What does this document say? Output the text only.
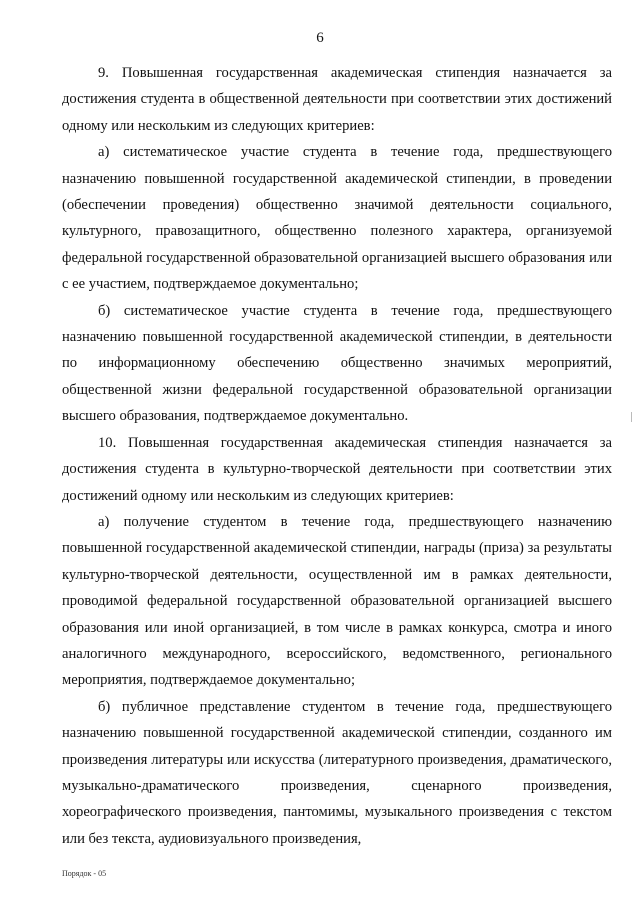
6

9. Повышенная государственная академическая стипендия назначается за достижения студента в общественной деятельности при соответствии этих достижений одному или нескольким из следующих критериев:

а) систематическое участие студента в течение года, предшествующего назначению повышенной государственной академической стипендии, в проведении (обеспечении проведения) общественно значимой деятельности социального, культурного, правозащитного, общественно полезного характера, организуемой федеральной государственной образовательной организацией высшего образования или с ее участием, подтверждаемое документально;

б) систематическое участие студента в течение года, предшествующего назначению повышенной государственной академической стипендии, в деятельности по информационному обеспечению общественно значимых мероприятий, общественной жизни федеральной государственной образовательной организации высшего образования, подтверждаемое документально.

10. Повышенная государственная академическая стипендия назначается за достижения студента в культурно-творческой деятельности при соответствии этих достижений одному или нескольким из следующих критериев:

а) получение студентом в течение года, предшествующего назначению повышенной государственной академической стипендии, награды (приза) за результаты культурно-творческой деятельности, осуществленной им в рамках деятельности, проводимой федеральной государственной образовательной организацией высшего образования или иной организацией, в том числе в рамках конкурса, смотра и иного аналогичного международного, всероссийского, ведомственного, регионального мероприятия, подтверждаемое документально;

б) публичное представление студентом в течение года, предшествующего назначению повышенной государственной академической стипендии, созданного им произведения литературы или искусства (литературного произведения, драматического, музыкально-драматического произведения, сценарного произведения, хореографического произведения, пантомимы, музыкального произведения с текстом или без текста, аудиовизуального произведения,

Порядок - 05
